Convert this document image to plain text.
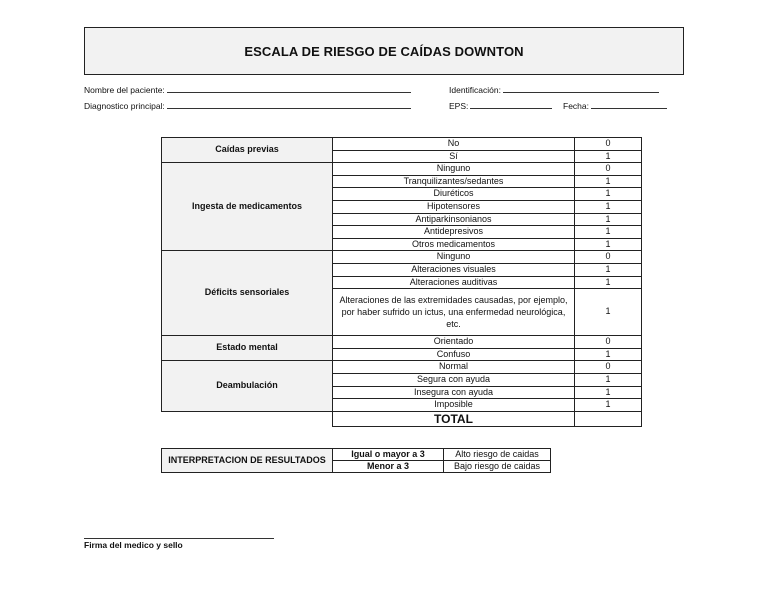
ESCALA DE RIESGO DE CAÍDAS DOWNTON
Nombre del paciente:	Identificación:
Diagnostico principal:	EPS:	Fecha:
Caídas previas	No	0
	Sí	1
Ingesta de medicamentos	Ninguno	0
	Tranquilizantes/sedantes	1
	Diuréticos	1
	Hipotensores	1
	Antiparkinsonianos	1
	Antidepresivos	1
	Otros medicamentos	1
Déficits sensoriales	Ninguno	0
	Alteraciones visuales	1
	Alteraciones auditivas	1
	Alteraciones de las extremidades causadas, por ejemplo, por haber sufrido un ictus, una enfermedad neurológica, etc.	1
Estado mental	Orientado	0
	Confuso	1
Deambulación	Normal	0
	Segura con ayuda	1
	Insegura con ayuda	1
	Imposible	1
	TOTAL	
INTERPRETACION DE RESULTADOS	Igual o mayor a 3	Alto riesgo de caidas
	Menor a 3	Bajo riesgo de caidas
Firma del medico y sello
